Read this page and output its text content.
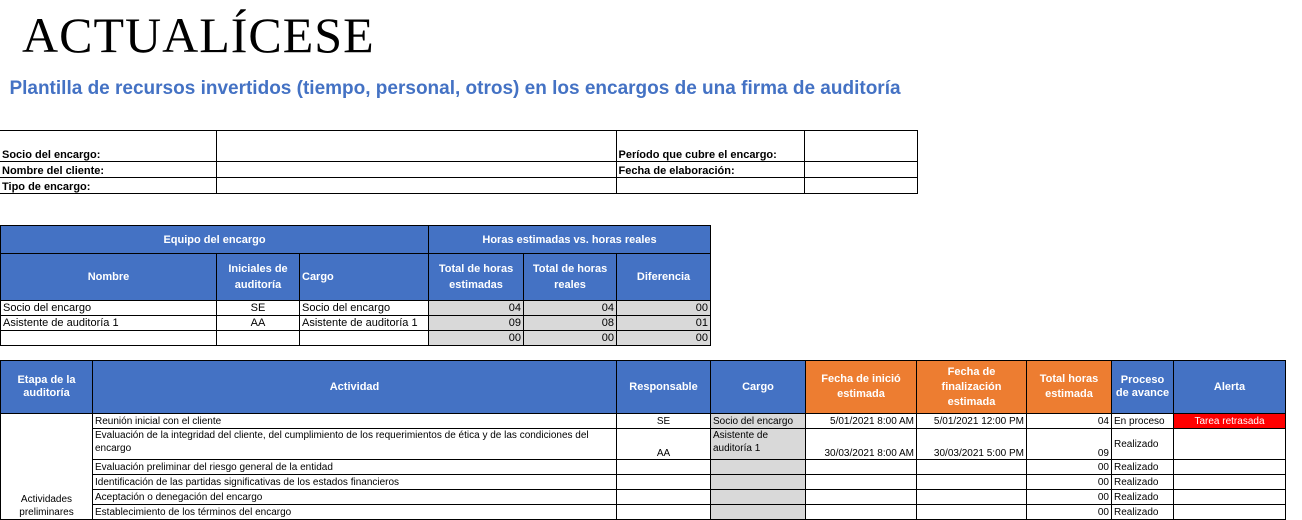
ACTUALÍCESE
Plantilla de recursos invertidos (tiempo, personal, otros) en los encargos de una firma de auditoría
Socio del encargo:		Período que cubre el encargo:	
Nombre del cliente:		Fecha de elaboración:	
Tipo de encargo:			
Equipo del encargo			Horas estimadas vs. horas reales		
Nombre	Iniciales de auditoría	Cargo	Total de horas estimadas	Total de horas reales	Diferencia
Socio del encargo	SE	Socio del encargo	04	04	00
Asistente de auditoría 1	AA	Asistente de auditoría 1	09	08	01
			00	00	00
Etapa de la auditoría	Actividad	Responsable	Cargo	Fecha de inició estimada	Fecha de finalización estimada	Total horas estimada	Proceso de avance	Alerta
Actividades preliminares	Reunión inicial con el cliente	SE	Socio del encargo	5/01/2021 8:00 AM	5/01/2021 12:00 PM	04	En proceso	Tarea retrasada
	Evaluación de la integridad del cliente, del cumplimiento de los requerimientos de ética y de las condiciones del encargo	AA	Asistente de auditoría 1	30/03/2021 8:00 AM	30/03/2021 5:00 PM	09	Realizado	
	Evaluación preliminar del riesgo general de la entidad					00	Realizado	
	Identificación de las partidas significativas de los estados financieros					00	Realizado	
	Aceptación o denegación del encargo					00	Realizado	
	Establecimiento de los términos del encargo					00	Realizado	
